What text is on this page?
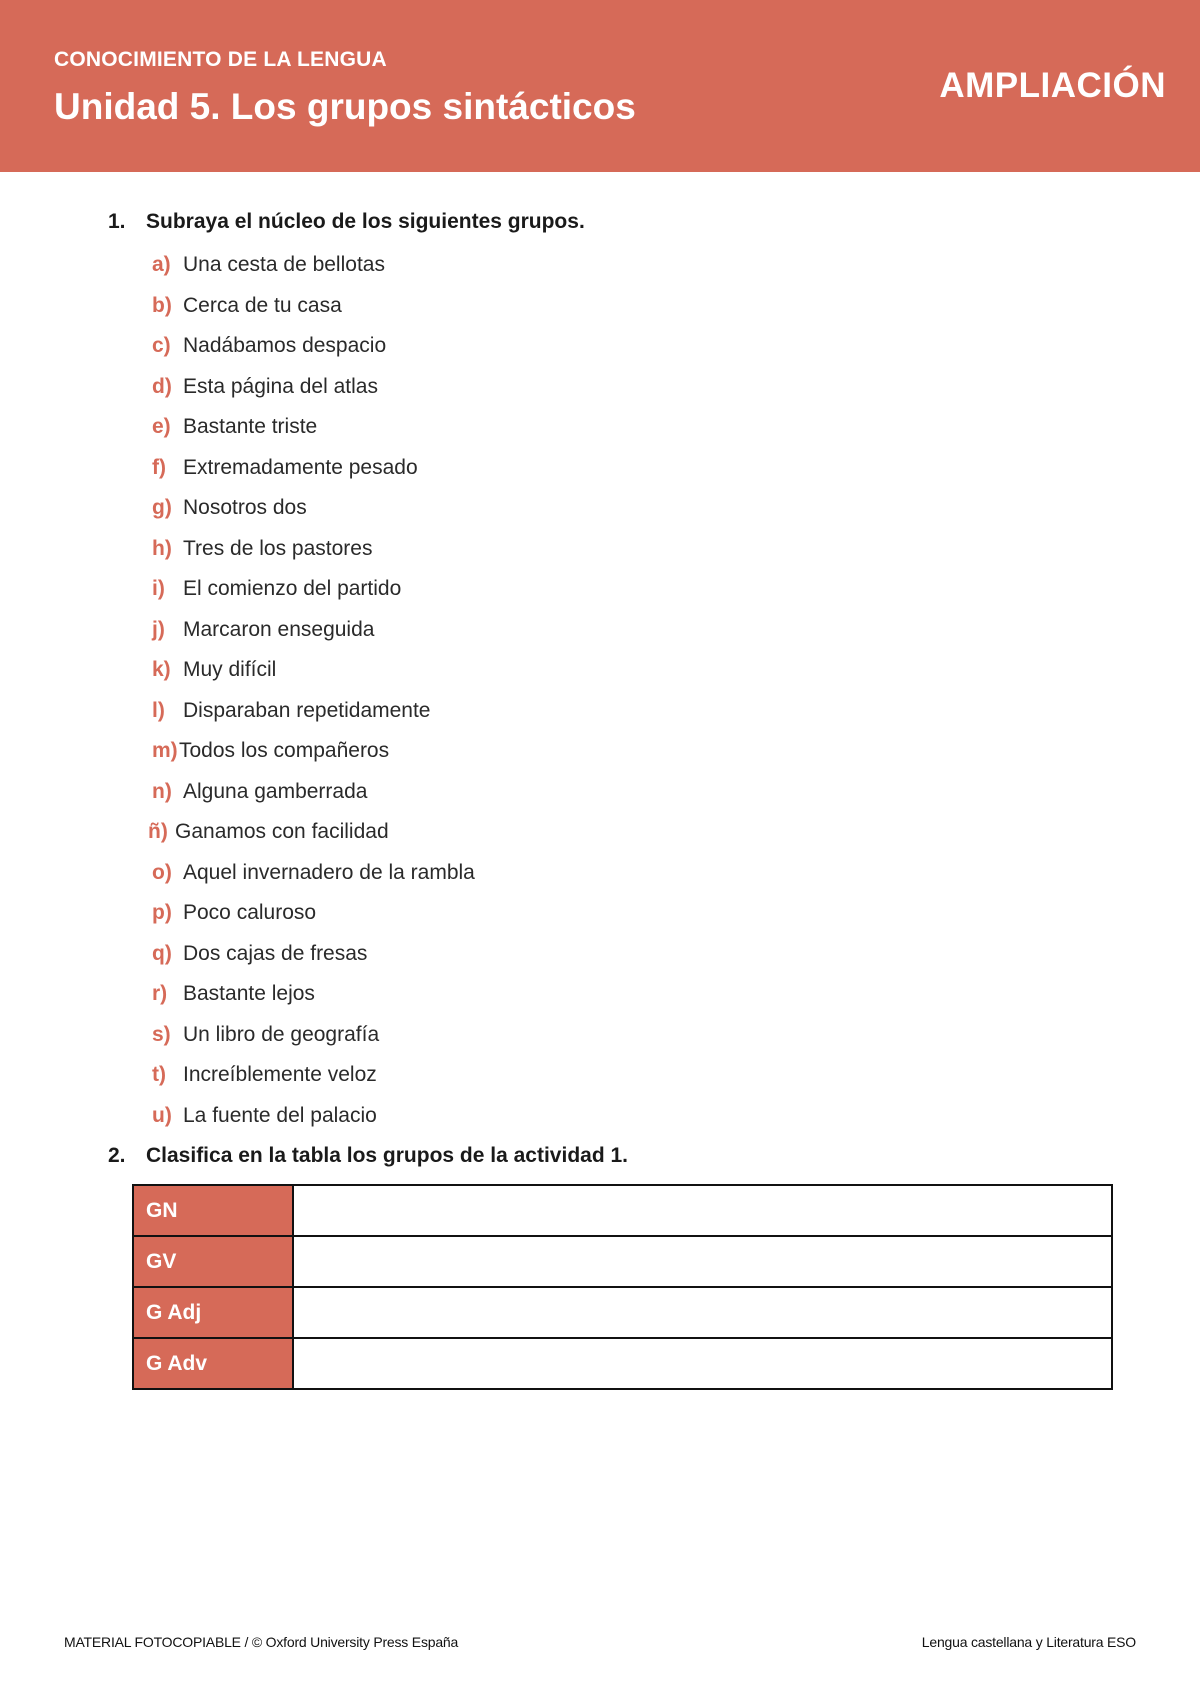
CONOCIMIENTO DE LA LENGUA
Unidad 5. Los grupos sintácticos
AMPLIACIÓN
1. Subraya el núcleo de los siguientes grupos.
a) Una cesta de bellotas
b) Cerca de tu casa
c) Nadábamos despacio
d) Esta página del atlas
e) Bastante triste
f) Extremadamente pesado
g) Nosotros dos
h) Tres de los pastores
i) El comienzo del partido
j) Marcaron enseguida
k) Muy difícil
l) Disparaban repetidamente
m)Todos los compañeros
n) Alguna gamberrada
ñ) Ganamos con facilidad
o) Aquel invernadero de la rambla
p) Poco caluroso
q) Dos cajas de fresas
r) Bastante lejos
s) Un libro de geografía
t) Increíblemente veloz
u) La fuente del palacio
2. Clasifica en la tabla los grupos de la actividad 1.
GN	
GV	
G Adj	
G Adv	
MATERIAL FOTOCOPIABLE / © Oxford University Press España	Lengua castellana y Literatura ESO
